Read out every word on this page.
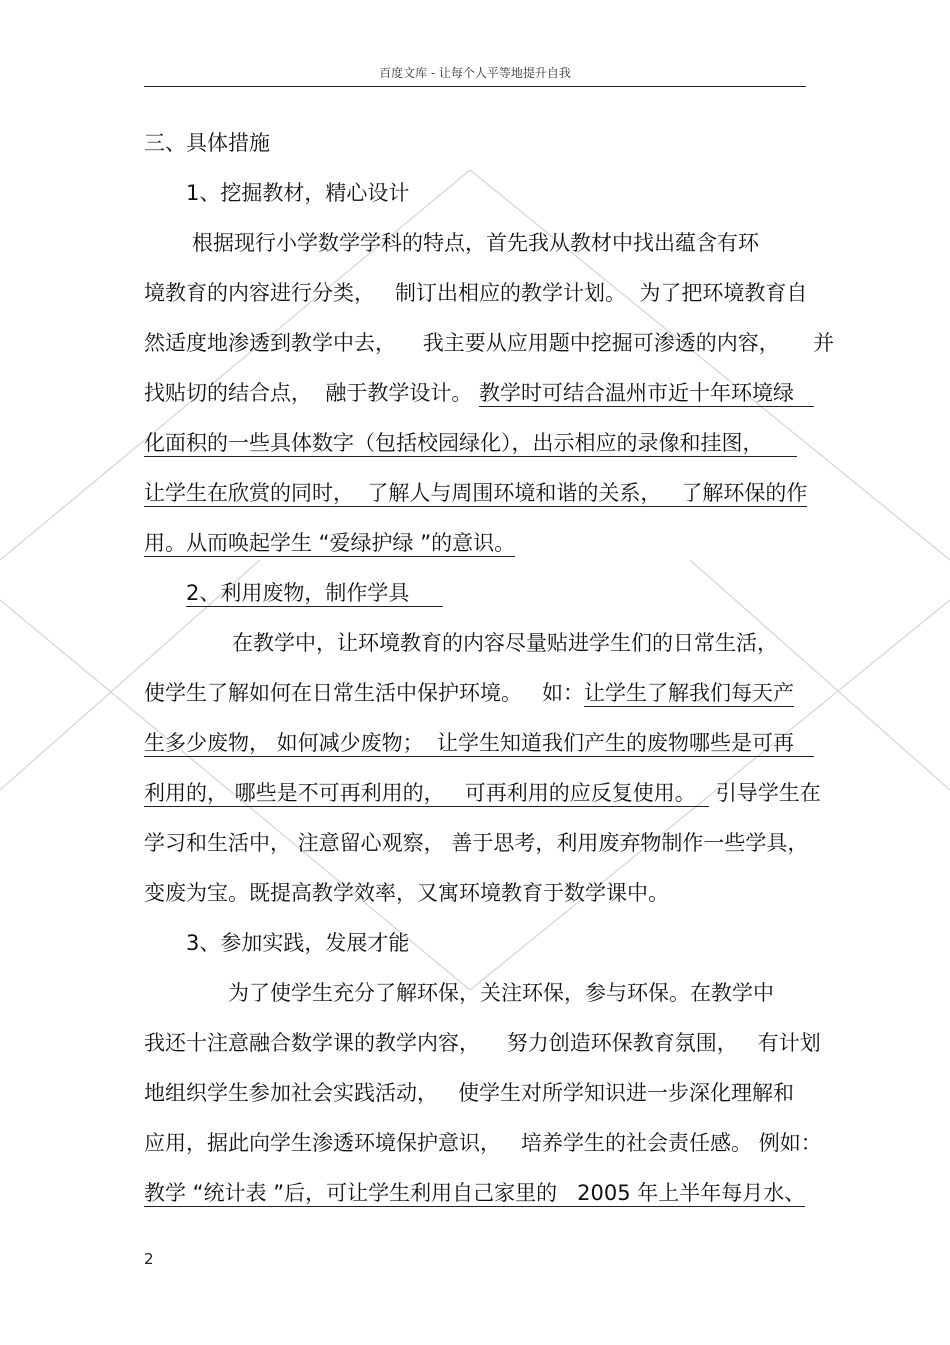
百度文库 - 让每个人平等地提升自我
三、具体措施
1、挖掘教材，精心设计
根据现行小学数学学科的特点，首先我从教材中找出蕴含有环
境教育的内容进行分类，   制订出相应的教学计划。  为了把环境教育自
然适度地渗透到教学中去，    我主要从应用题中挖掘可渗透的内容，     并
找贴切的结合点，  融于教学设计。 教学时可结合温州市近十年环境绿
化面积的一些具体数字（包括校园绿化），出示相应的录像和挂图，
让学生在欣赏的同时，  了解人与周围环境和谐的关系，   了解环保的作
用。从而唤起学生 “爱绿护绿 ”的意识。
2、利用废物，制作学具
在教学中，让环境教育的内容尽量贴进学生们的日常生活，
使学生了解如何在日常生活中保护环境。   如：让学生了解我们每天产
生多少废物， 如何减少废物；  让学生知道我们产生的废物哪些是可再
利用的， 哪些是不可再利用的，   可再利用的应反复使用。   引导学生在
学习和生活中， 注意留心观察， 善于思考，利用废弃物制作一些学具，
变废为宝。既提高教学效率，又寓环境教育于数学课中。
3、参加实践，发展才能
为了使学生充分了解环保，关注环保，参与环保。在教学中
我还十注意融合数学课的教学内容，    努力创造环保教育氛围，   有计划
地组织学生参加社会实践活动，   使学生对所学知识进一步深化理解和
应用，据此向学生渗透环境保护意识，   培养学生的社会责任感。 例如：
教学 “统计表 ”后，可让学生利用自己家里的   2005 年上半年每月水、
2
